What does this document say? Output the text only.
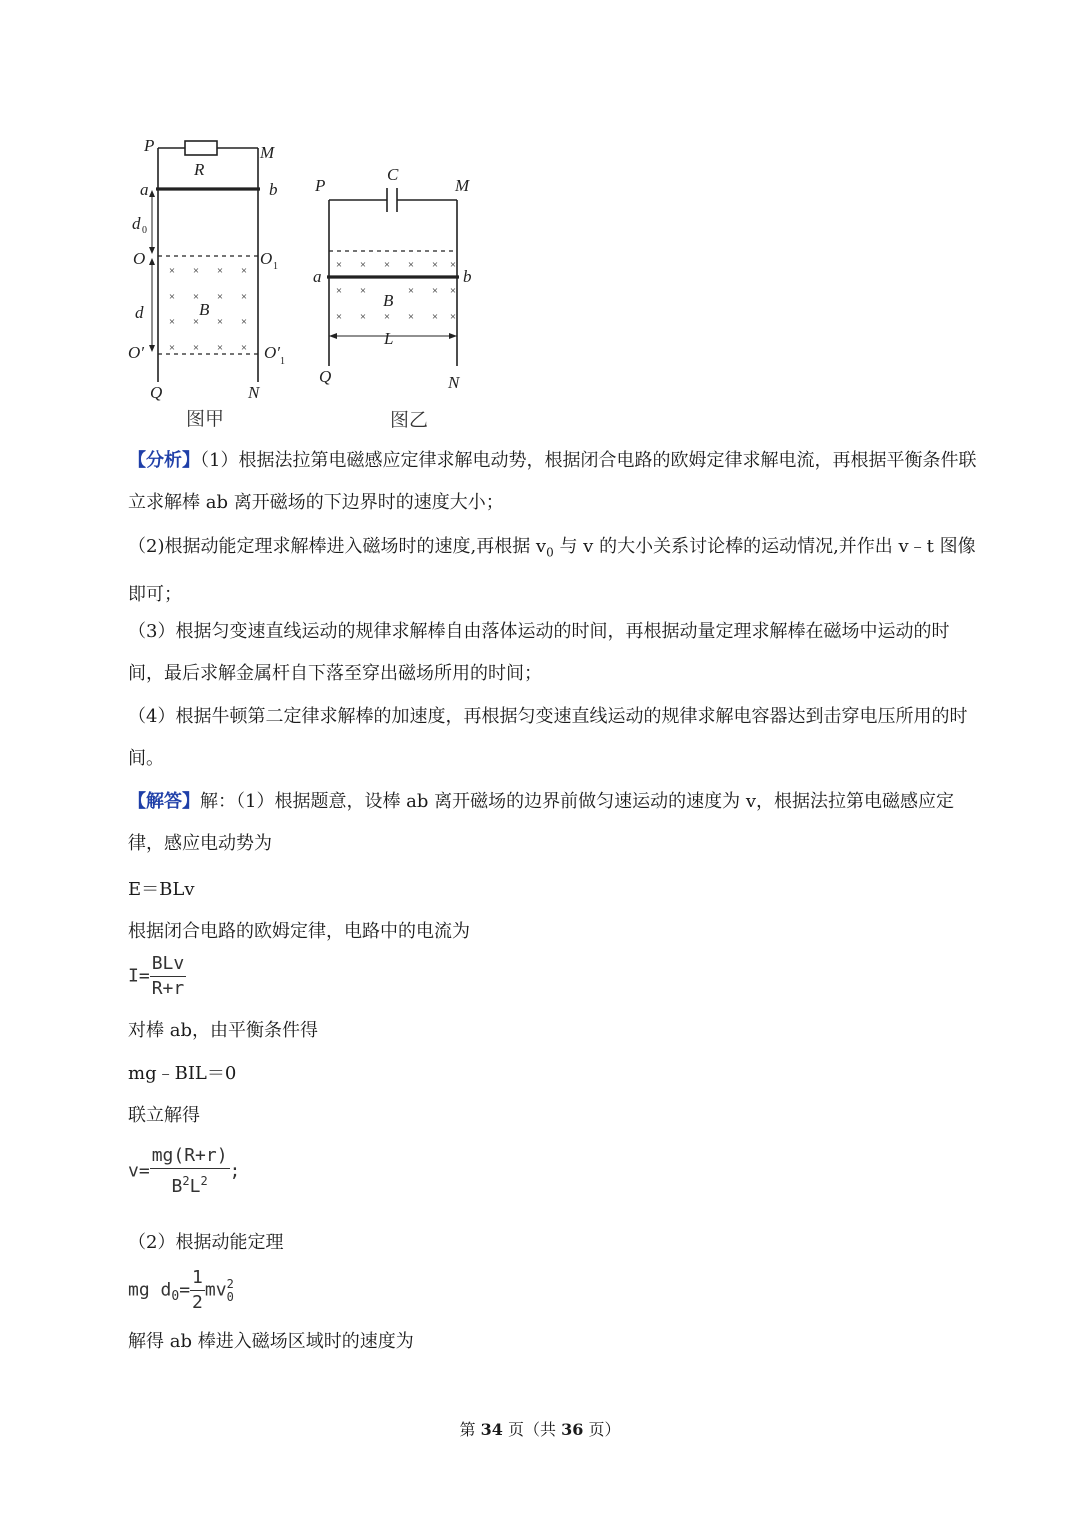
× × × ×
× × × ×
× × × ×
× × × ×
P	M
R
a	b
d 0
O	O 1
d	B
O′	O′ 1
Q	N
图甲
× × × × × ×
× ×	× × ×
× × × × × ×
C
P	M
a	b
B
L
Q	N
图乙
【分析】（1）根据法拉第电磁感应定律求解电动势，根据闭合电路的欧姆定律求解电流，再根据平衡条件联立求解棒 ab 离开磁场的下边界时的速度大小；
（2)根据动能定理求解棒进入磁场时的速度,再根据 $v_0$ 与 v 的大小关系讨论棒的运动情况,并作出 v﹣t 图像即可；
（3）根据匀变速直线运动的规律求解棒自由落体运动的时间，再根据动量定理求解棒在磁场中运动的时间，最后求解金属杆自下落至穿出磁场所用的时间；
（4）根据牛顿第二定律求解棒的加速度，再根据匀变速直线运动的规律求解电容器达到击穿电压所用的时间。
【解答】解：（1）根据题意，设棒 ab 离开磁场的边界前做匀速运动的速度为 v，根据法拉第电磁感应定律，感应电动势为
E＝BLv
根据闭合电路的欧姆定律，电路中的电流为
$I= \frac{\text{BLv}}{R+r}$
对棒 ab，由平衡条件得
mg﹣BIL＝0
联立解得
$v= \frac{mg(R+r)}{B^2L^2}$ ;
（2）根据动能定理
mg $d_0= \frac{1}{2}$ mv 2
0
解得 ab 棒进入磁场区域时的速度为
第 34 页（共 36 页）
